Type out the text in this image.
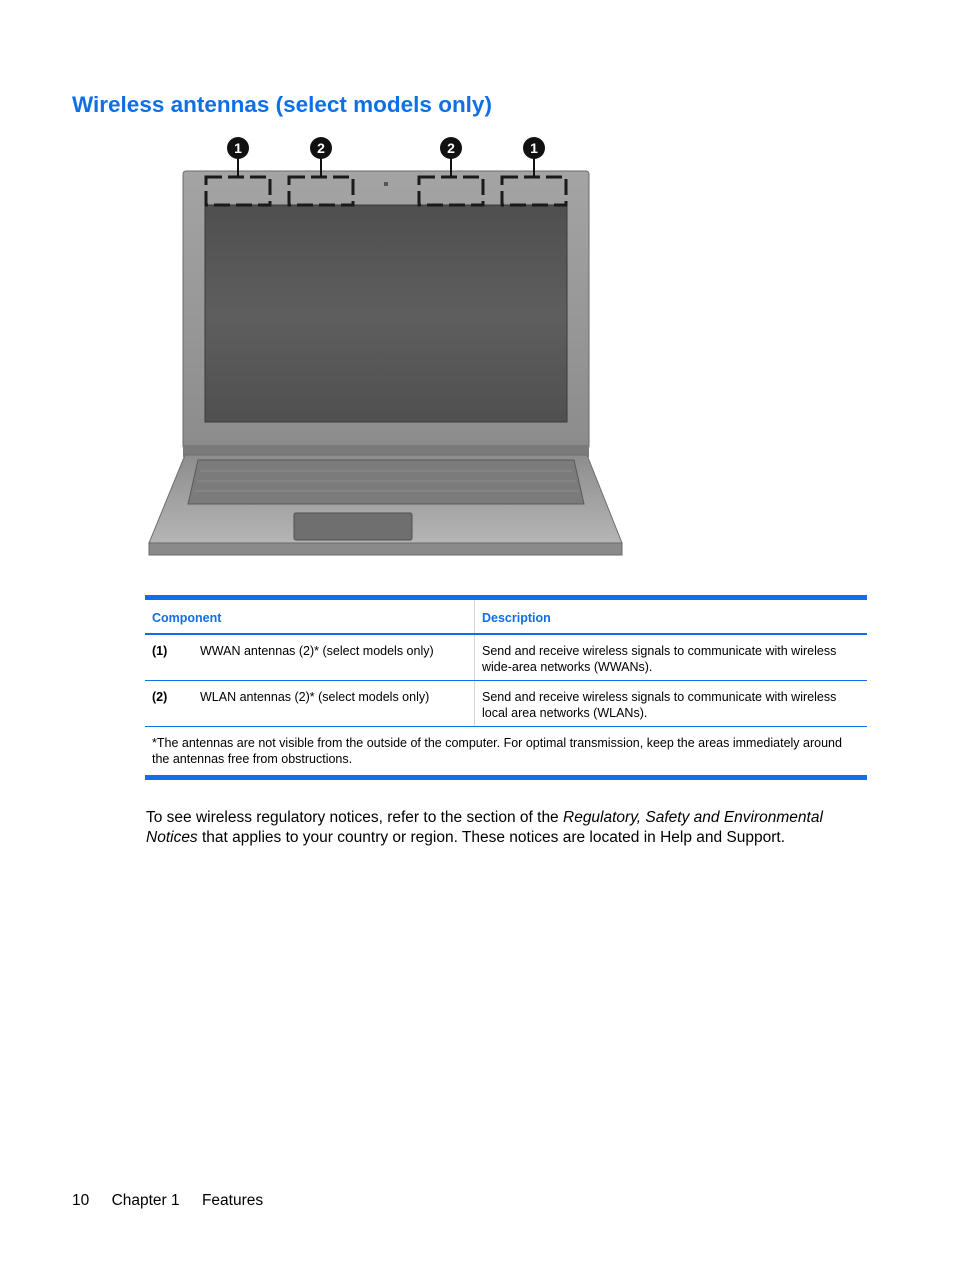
Wireless antennas (select models only)
1	2	2	1
Component	Description
(1)	WWAN antennas (2)* (select models only)	Send and receive wireless signals to communicate with wireless wide-area networks (WWANs).
(2)	WLAN antennas (2)* (select models only)	Send and receive wireless signals to communicate with wireless local area networks (WLANs).
*The antennas are not visible from the outside of the computer. For optimal transmission, keep the areas immediately around the antennas free from obstructions.

To see wireless regulatory notices, refer to the section of the Regulatory, Safety and Environmental Notices that applies to your country or region. These notices are located in Help and Support.

10 Chapter 1 Features
